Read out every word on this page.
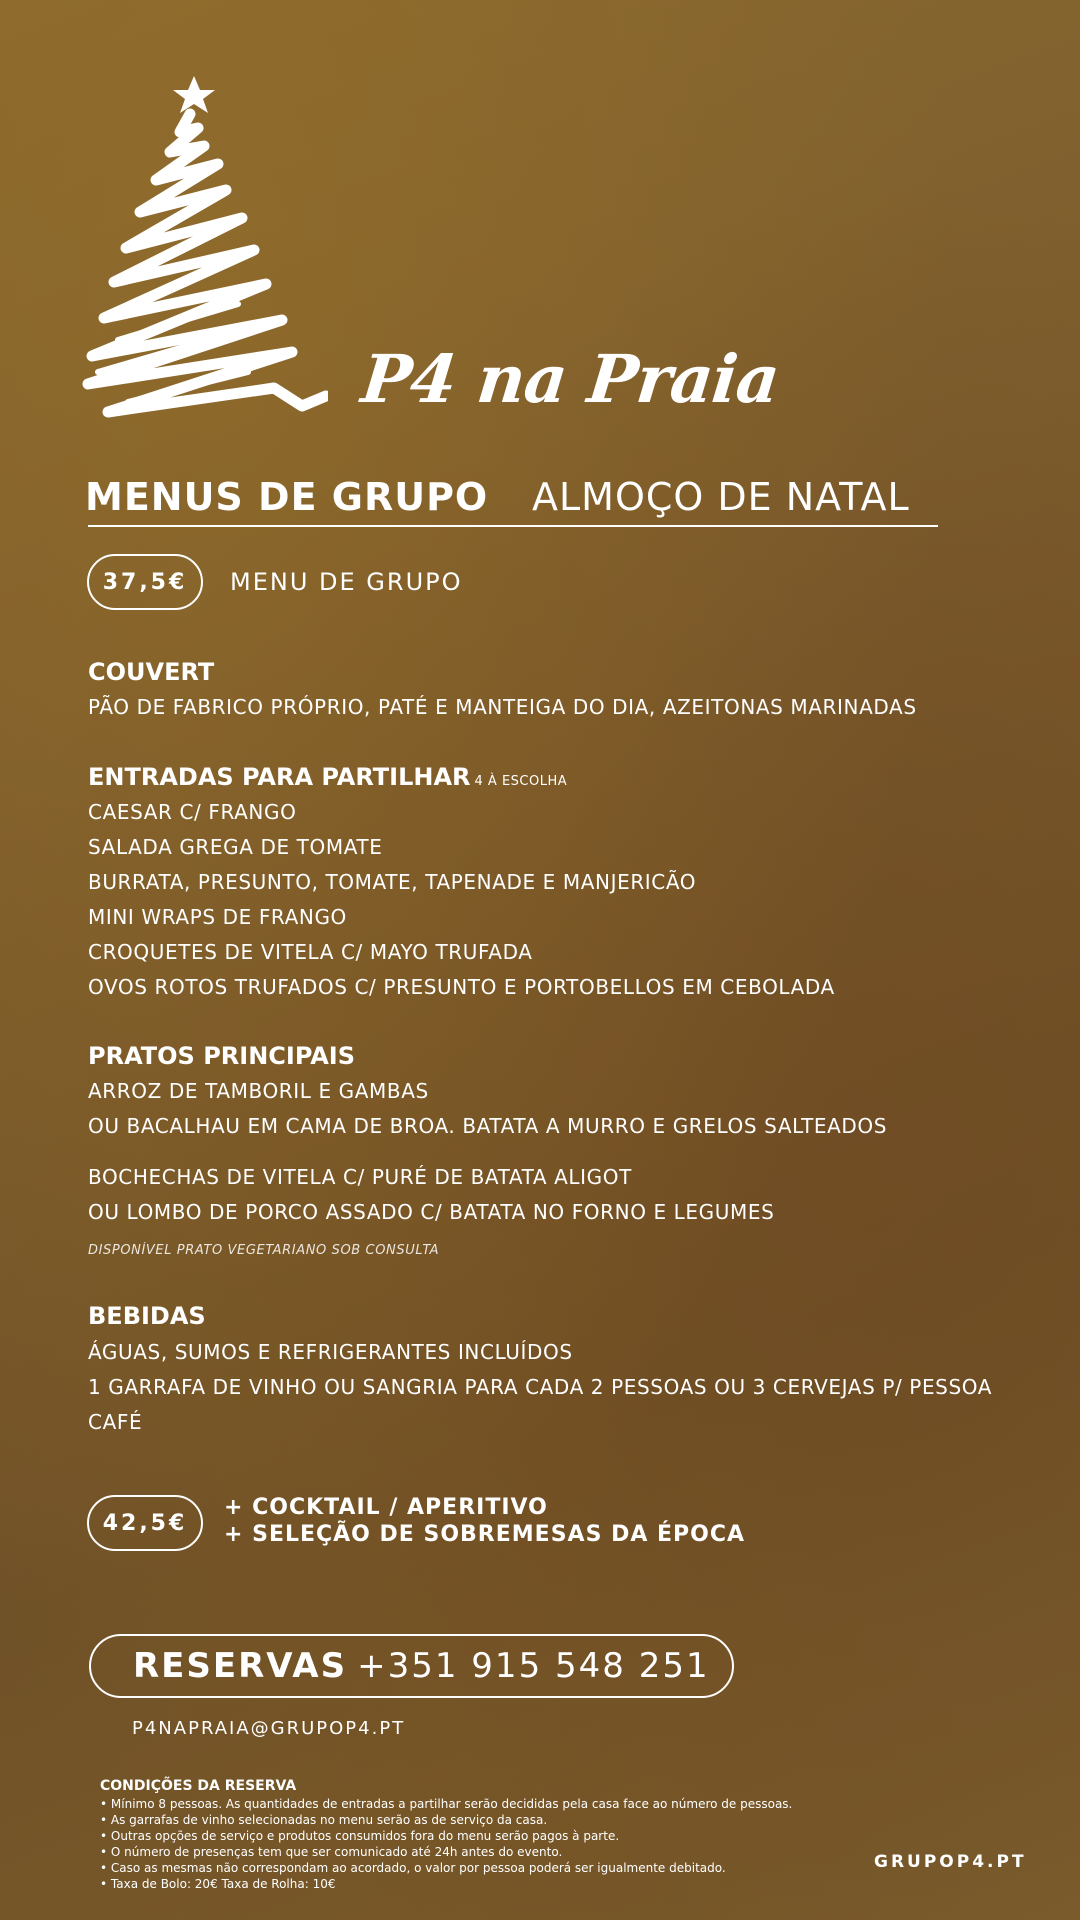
P4 na Praia
MENUS DE GRUPO ALMOÇO DE NATAL
37,5€	MENU DE GRUPO
COUVERT
PÃO DE FABRICO PRÓPRIO, PATÉ E MANTEIGA DO DIA, AZEITONAS MARINADAS
ENTRADAS PARA PARTILHAR 4 À ESCOLHA
CAESAR C/ FRANGO
SALADA GREGA DE TOMATE
BURRATA, PRESUNTO, TOMATE, TAPENADE E MANJERICÃO
MINI WRAPS DE FRANGO
CROQUETES DE VITELA C/ MAYO TRUFADA
OVOS ROTOS TRUFADOS C/ PRESUNTO E PORTOBELLOS EM CEBOLADA
PRATOS PRINCIPAIS
ARROZ DE TAMBORIL E GAMBAS
OU BACALHAU EM CAMA DE BROA. BATATA A MURRO E GRELOS SALTEADOS
BOCHECHAS DE VITELA C/ PURÉ DE BATATA ALIGOT
OU LOMBO DE PORCO ASSADO C/ BATATA NO FORNO E LEGUMES
DISPONÍVEL PRATO VEGETARIANO SOB CONSULTA
BEBIDAS
ÁGUAS, SUMOS E REFRIGERANTES INCLUÍDOS
1 GARRAFA DE VINHO OU SANGRIA PARA CADA 2 PESSOAS OU 3 CERVEJAS P/ PESSOA
CAFÉ
42,5€
+ COCKTAIL / APERITIVO
+ SELEÇÃO DE SOBREMESAS DA ÉPOCA
RESERVAS +351 915 548 251
P4NAPRAIA@GRUPOP4.PT
CONDIÇÕES DA RESERVA
• Mínimo 8 pessoas. As quantidades de entradas a partilhar serão decididas pela casa face ao número de pessoas.
• As garrafas de vinho selecionadas no menu serão as de serviço da casa.
• Outras opções de serviço e produtos consumidos fora do menu serão pagos à parte.
• O número de presenças tem que ser comunicado até 24h antes do evento.
• Caso as mesmas não correspondam ao acordado, o valor por pessoa poderá ser igualmente debitado.
• Taxa de Bolo: 20€ Taxa de Rolha: 10€
GRUPOP4.PT
